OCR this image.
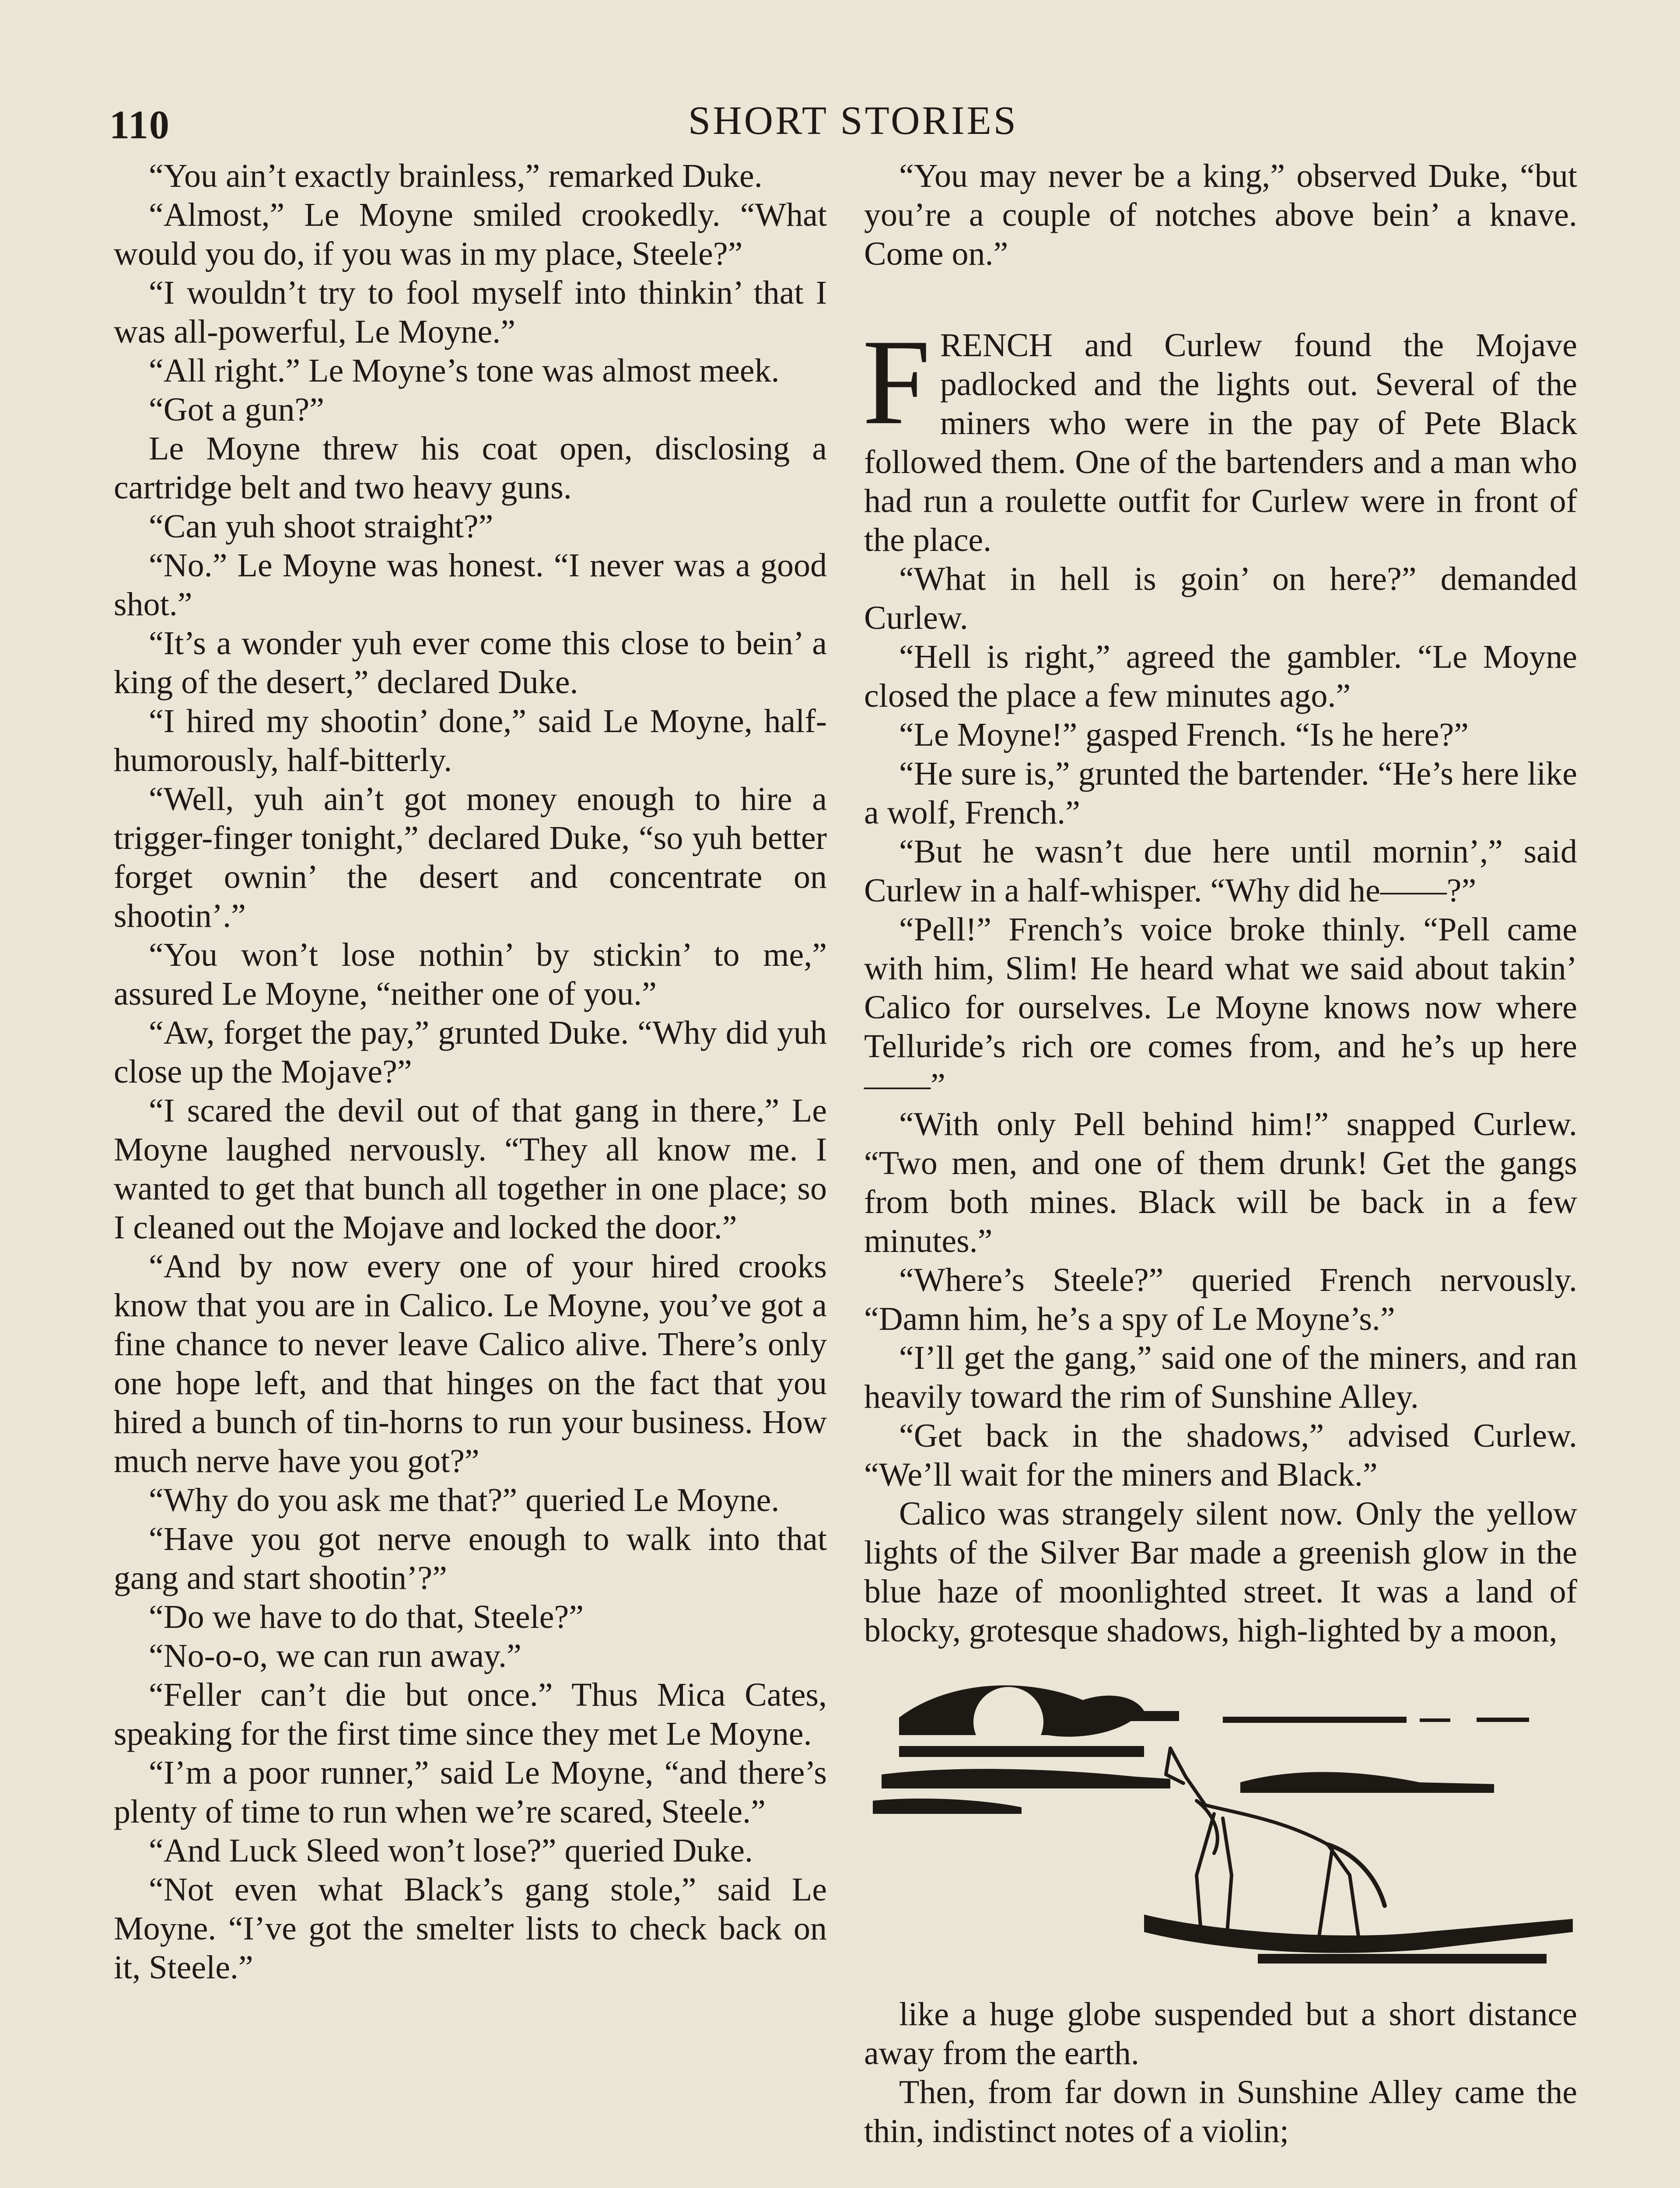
110	SHORT STORIES

“You ain’t exactly brainless,” remarked Duke.

“Almost,” Le Moyne smiled crookedly. “What would you do, if you was in my place, Steele?”

“I wouldn’t try to fool myself into thinkin’ that I was all-powerful, Le Moyne.”

“All right.” Le Moyne’s tone was almost meek.

“Got a gun?”

Le Moyne threw his coat open, disclosing a cartridge belt and two heavy guns.

“Can yuh shoot straight?”

“No.” Le Moyne was honest. “I never was a good shot.”

“It’s a wonder yuh ever come this close to bein’ a king of the desert,” declared Duke.

“I hired my shootin’ done,” said Le Moyne, half-humorously, half-bitterly.

“Well, yuh ain’t got money enough to hire a trigger-finger tonight,” declared Duke, “so yuh better forget ownin’ the desert and concentrate on shootin’.”

“You won’t lose nothin’ by stickin’ to me,” assured Le Moyne, “neither one of you.”

“Aw, forget the pay,” grunted Duke. “Why did yuh close up the Mojave?”

“I scared the devil out of that gang in there,” Le Moyne laughed nervously. “They all know me. I wanted to get that bunch all together in one place; so I cleaned out the Mojave and locked the door.”

“And by now every one of your hired crooks know that you are in Calico. Le Moyne, you’ve got a fine chance to never leave Calico alive. There’s only one hope left, and that hinges on the fact that you hired a bunch of tin-horns to run your business. How much nerve have you got?”

“Why do you ask me that?” queried Le Moyne.

“Have you got nerve enough to walk into that gang and start shootin’?”

“Do we have to do that, Steele?”

“No-o-o, we can run away.”

“Feller can’t die but once.” Thus Mica Cates, speaking for the first time since they met Le Moyne.

“I’m a poor runner,” said Le Moyne, “and there’s plenty of time to run when we’re scared, Steele.”

“And Luck Sleed won’t lose?” queried Duke.

“Not even what Black’s gang stole,” said Le Moyne. “I’ve got the smelter lists to check back on it, Steele.”

“You may never be a king,” observed Duke, “but you’re a couple of notches above bein’ a knave. Come on.”

FRENCH and Curlew found the Mojave padlocked and the lights out. Several of the miners who were in the pay of Pete Black followed them. One of the bartenders and a man who had run a roulette outfit for Curlew were in front of the place.

“What in hell is goin’ on here?” demanded Curlew.

“Hell is right,” agreed the gambler. “Le Moyne closed the place a few minutes ago.”

“Le Moyne!” gasped French. “Is he here?”

“He sure is,” grunted the bartender. “He’s here like a wolf, French.”

“But he wasn’t due here until mornin’,” said Curlew in a half-whisper. “Why did he——?”

“Pell!” French’s voice broke thinly. “Pell came with him, Slim! He heard what we said about takin’ Calico for ourselves. Le Moyne knows now where Telluride’s rich ore comes from, and he’s up here——”

“With only Pell behind him!” snapped Curlew. “Two men, and one of them drunk! Get the gangs from both mines. Black will be back in a few minutes.”

“Where’s Steele?” queried French nervously. “Damn him, he’s a spy of Le Moyne’s.”

“I’ll get the gang,” said one of the miners, and ran heavily toward the rim of Sunshine Alley.

“Get back in the shadows,” advised Curlew. “We’ll wait for the miners and Black.”

Calico was strangely silent now. Only the yellow lights of the Silver Bar made a greenish glow in the blue haze of moonlighted street. It was a land of blocky, grotesque shadows, high-lighted by a moon,

like a huge globe suspended but a short distance away from the earth.

Then, from far down in Sunshine Alley came the thin, indistinct notes of a violin;
